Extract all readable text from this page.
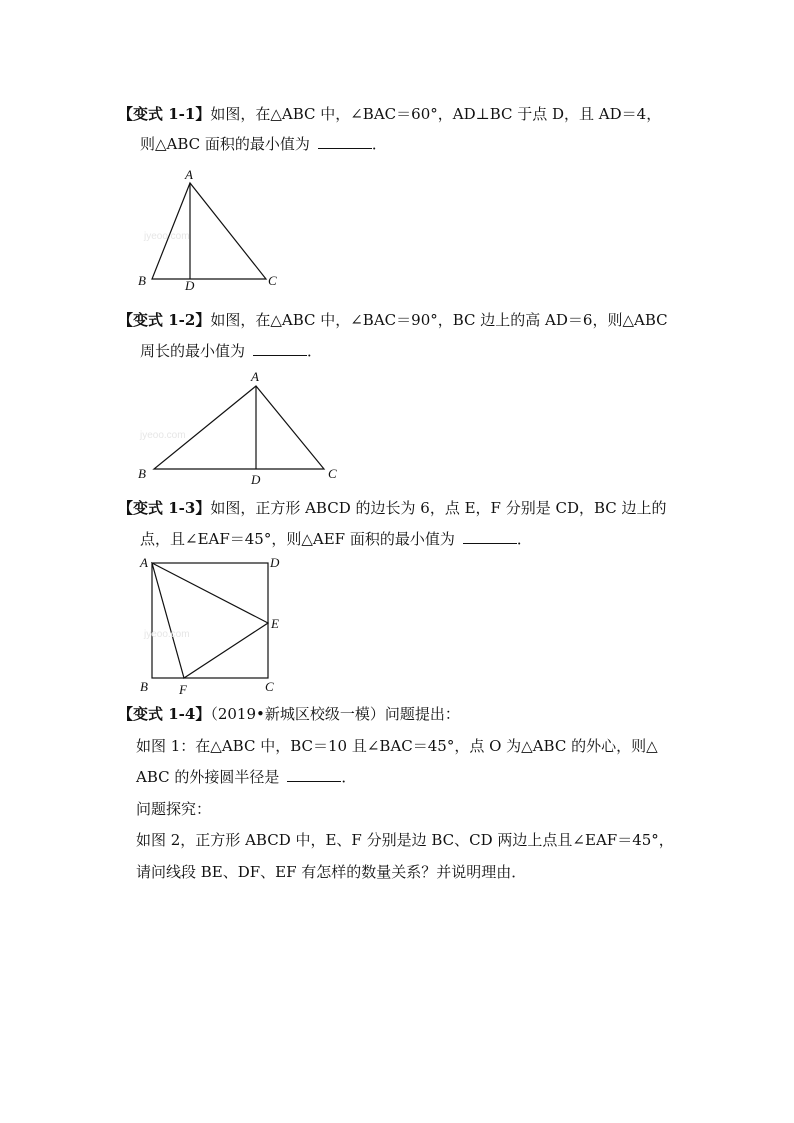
【变式 1-1】如图，在△ABC 中，∠BAC＝60°，AD⊥BC 于点 D，且 AD＝4，
则△ABC 面积的最小值为	．
jyeoo.com
A
B	D	C
【变式 1-2】如图，在△ABC 中，∠BAC＝90°，BC 边上的高 AD＝6，则△ABC
周长的最小值为	．
jyeoo.com
A
B	D	C
【变式 1-3】如图，正方形 ABCD 的边长为 6，点 E，F 分别是 CD，BC 边上的
点，且∠EAF＝45°，则△AEF 面积的最小值为	．
jyeoo.com
A	D
E
B F	C
【变式 1-4】（2019•新城区校级一模）问题提出：
如图 1：在△ABC 中，BC＝10 且∠BAC＝45°，点 O 为△ABC 的外心，则△
ABC 的外接圆半径是	．
问题探究：
如图 2，正方形 ABCD 中，E、F 分别是边 BC、CD 两边上点且∠EAF＝45°，
请问线段 BE、DF、EF 有怎样的数量关系？并说明理由．
